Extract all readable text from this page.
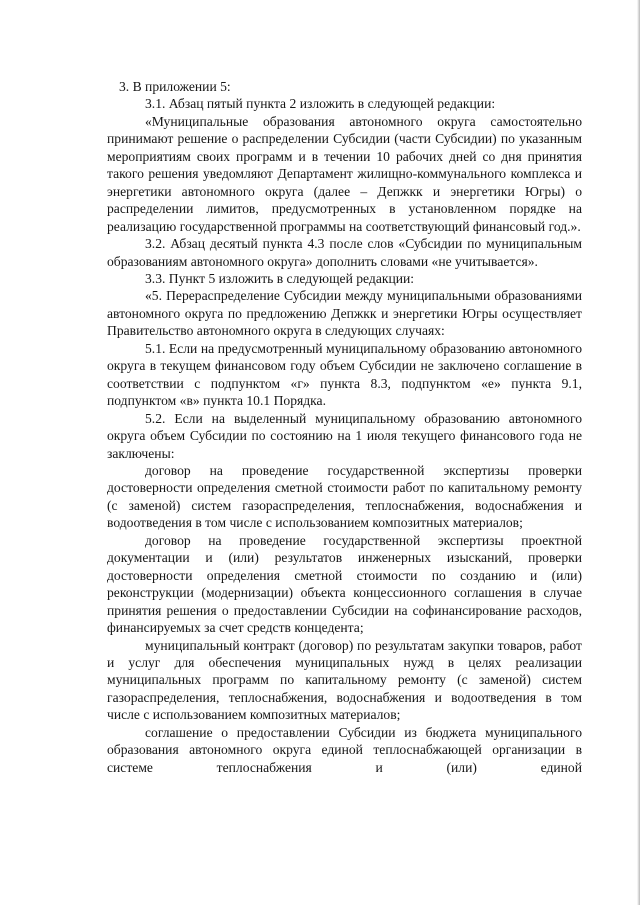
3. В приложении 5:

3.1. Абзац пятый пункта 2 изложить в следующей редакции:

«Муниципальные образования автономного округа самостоятельно принимают решение о распределении Субсидии (части Субсидии) по указанным мероприятиям своих программ и в течении 10 рабочих дней со дня принятия такого решения уведомляют Департамент жилищно-коммунального комплекса и энергетики автономного округа (далее – Депжкк и энергетики Югры) о распределении лимитов, предусмотренных в установленном порядке на реализацию государственной программы на соответствующий финансовый год.».

3.2. Абзац десятый пункта 4.3 после слов «Субсидии по муниципальным образованиям автономного округа» дополнить словами «не учитывается».

3.3. Пункт 5 изложить в следующей редакции:

«5. Перераспределение Субсидии между муниципальными образованиями автономного округа по предложению Депжкк и энергетики Югры осуществляет Правительство автономного округа в следующих случаях:

5.1. Если на предусмотренный муниципальному образованию автономного округа в текущем финансовом году объем Субсидии не заключено соглашение в соответствии с подпунктом «г» пункта 8.3, подпунктом «е» пункта 9.1, подпунктом «в» пункта 10.1 Порядка.

5.2. Если на выделенный муниципальному образованию автономного округа объем Субсидии по состоянию на 1 июля текущего финансового года не заключены:

договор на проведение государственной экспертизы проверки достоверности определения сметной стоимости работ по капитальному ремонту (с заменой) систем газораспределения, теплоснабжения, водоснабжения и водоотведения в том числе с использованием композитных материалов;

договор на проведение государственной экспертизы проектной документации и (или) результатов инженерных изысканий, проверки достоверности определения сметной стоимости по созданию и (или) реконструкции (модернизации) объекта концессионного соглашения в случае принятия решения о предоставлении Субсидии на софинансирование расходов, финансируемых за счет средств концедента;

муниципальный контракт (договор) по результатам закупки товаров, работ и услуг для обеспечения муниципальных нужд в целях реализации муниципальных программ по капитальному ремонту (с заменой) систем газораспределения, теплоснабжения, водоснабжения и водоотведения в том числе с использованием композитных материалов;

соглашение о предоставлении Субсидии из бюджета муниципального образования автономного округа единой теплоснабжающей организации в системе теплоснабжения и (или) единой
